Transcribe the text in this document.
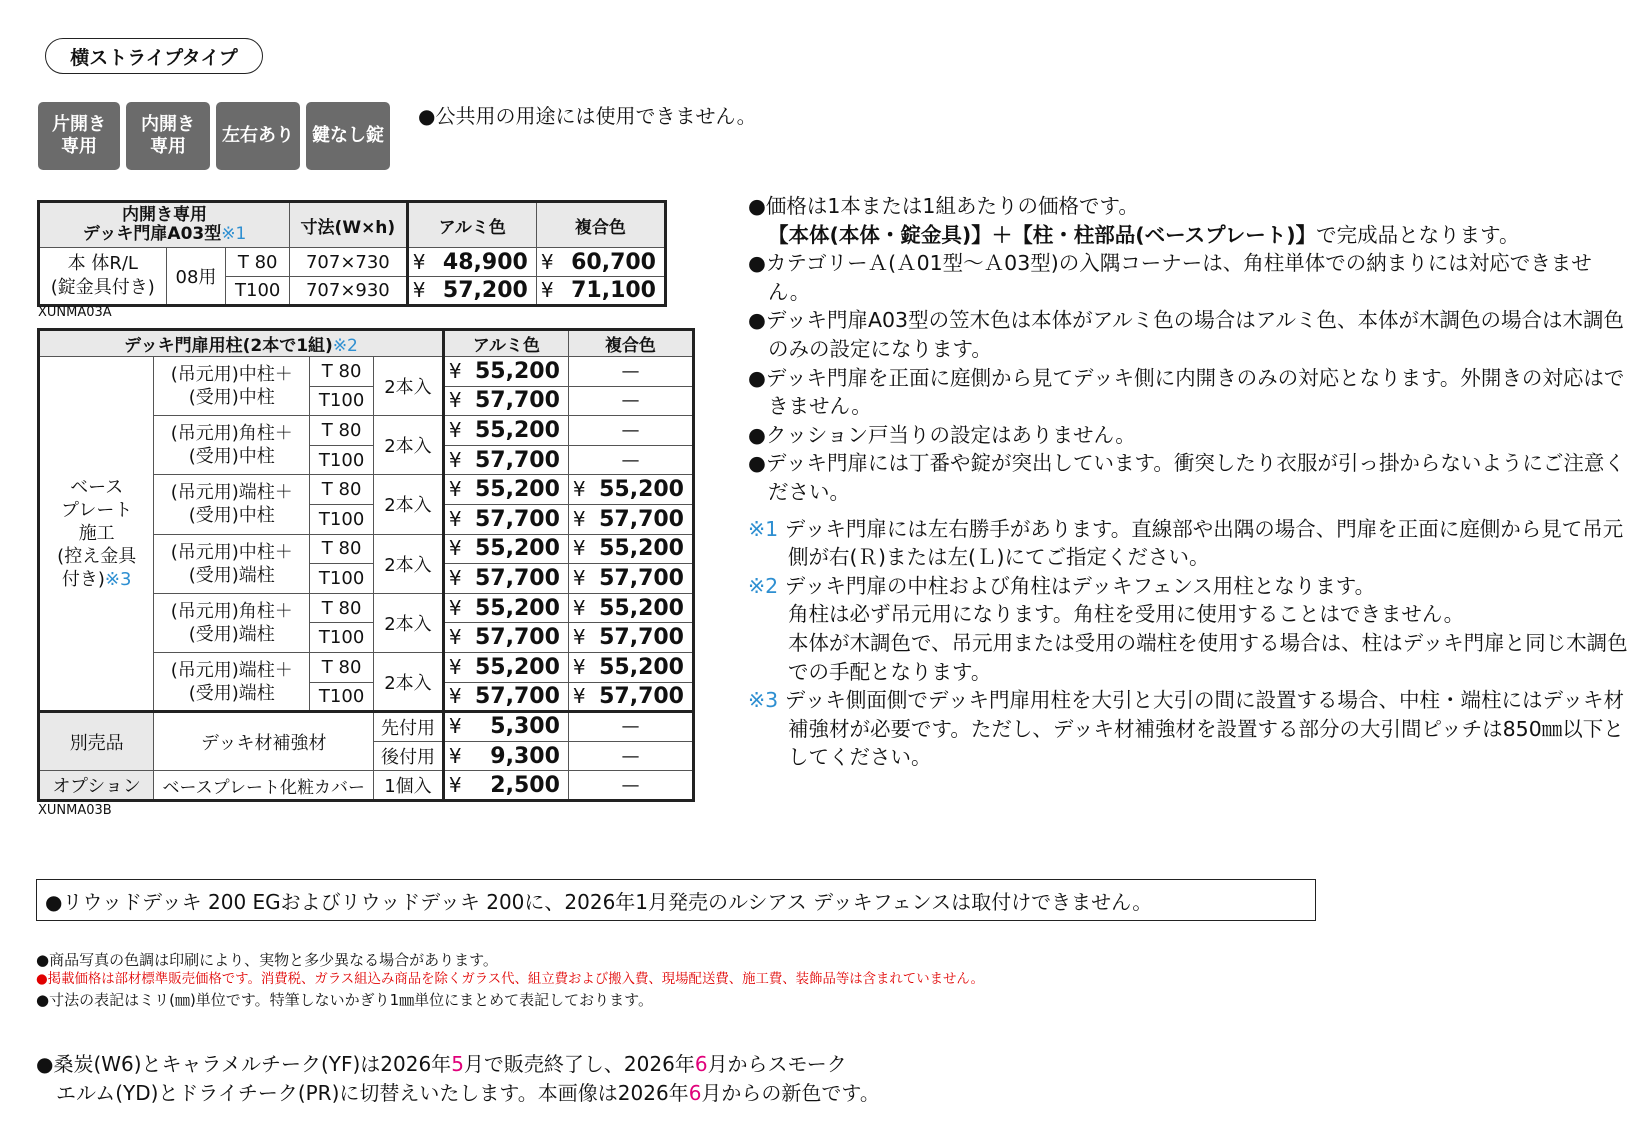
横ストライプタイプ
片開き
専用
内開き
専用
左右あり	鍵なし錠
●公共用の用途には使用できません。
内開き専用
デッキ門扉A03型※1			寸法(W×h)	アルミ色	複合色
本 体R/L
(錠金具付き)	08用	T 80	707×730	¥ 48,900	¥ 60,700
		T100	707×930	¥ 57,200	¥ 71,100
XUNMA03A
デッキ門扉用柱(2本で1組)※2				アルミ色	複合色
ベース
プレート
施工
(控え金具
付き)※3	(吊元用)中柱＋
(受用)中柱	T 80	2本入	¥ 55,200	—
		T100		¥ 57,700	—
	(吊元用)角柱＋
(受用)中柱	T 80	2本入	¥ 55,200	—
		T100		¥ 57,700	—
	(吊元用)端柱＋
(受用)中柱	T 80	2本入	¥ 55,200	¥ 55,200
		T100		¥ 57,700	¥ 57,700
	(吊元用)中柱＋
(受用)端柱	T 80	2本入	¥ 55,200	¥ 55,200
		T100		¥ 57,700	¥ 57,700
	(吊元用)角柱＋
(受用)端柱	T 80	2本入	¥ 55,200	¥ 55,200
		T100		¥ 57,700	¥ 57,700
	(吊元用)端柱＋
(受用)端柱	T 80	2本入	¥ 55,200	¥ 55,200
		T100		¥ 57,700	¥ 57,700
別売品	デッキ材補強材		先付用	¥ 5,300	—
			後付用	¥ 9,300	—
オプション	ベースプレート化粧カバー		1個入	¥ 2,500	—
XUNMA03B

●価格は1本または1組あたりの価格です。

【本体(本体・錠金具)】＋【柱・柱部品(ベースプレート)】で完成品となります。

●カテゴリーＡ(Ａ01型～Ａ03型)の入隅コーナーは、角柱単体での納まりには対応できません。

●デッキ門扉A03型の笠木色は本体がアルミ色の場合はアルミ色、本体が木調色の場合は木調色のみの設定になります。

●デッキ門扉を正面に庭側から見てデッキ側に内開きのみの対応となります。外開きの対応はできません。

●クッション戸当りの設定はありません。

●デッキ門扉には丁番や錠が突出しています。衝突したり衣服が引っ掛からないようにご注意ください。

※1 デッキ門扉には左右勝手があります。直線部や出隅の場合、門扉を正面に庭側から見て吊元側が右(Ｒ)または左(Ｌ)にてご指定ください。

※2 デッキ門扉の中柱および角柱はデッキフェンス用柱となります。

角柱は必ず吊元用になります。角柱を受用に使用することはできません。

本体が木調色で、吊元用または受用の端柱を使用する場合は、柱はデッキ門扉と同じ木調色での手配となります。

※3 デッキ側面側でデッキ門扉用柱を大引と大引の間に設置する場合、中柱・端柱にはデッキ材補強材が必要です。ただし、デッキ材補強材を設置する部分の大引間ピッチは850㎜以下としてください。

●リウッドデッキ 200 EGおよびリウッドデッキ 200に、2026年1月発売のルシアス デッキフェンスは取付けできません。
●商品写真の色調は印刷により、実物と多少異なる場合があります。
●掲載価格は部材標準販売価格です。消費税、ガラス組込み商品を除くガラス代、組立費および搬入費、現場配送費、施工費、装飾品等は含まれていません。
●寸法の表記はミリ(㎜)単位です。特筆しないかぎり1㎜単位にまとめて表記しております。
●桑炭(W6)とキャラメルチーク(YF)は2026年5月で販売終了し、2026年6月からスモーク
エルム(YD)とドライチーク(PR)に切替えいたします。本画像は2026年6月からの新色です。
